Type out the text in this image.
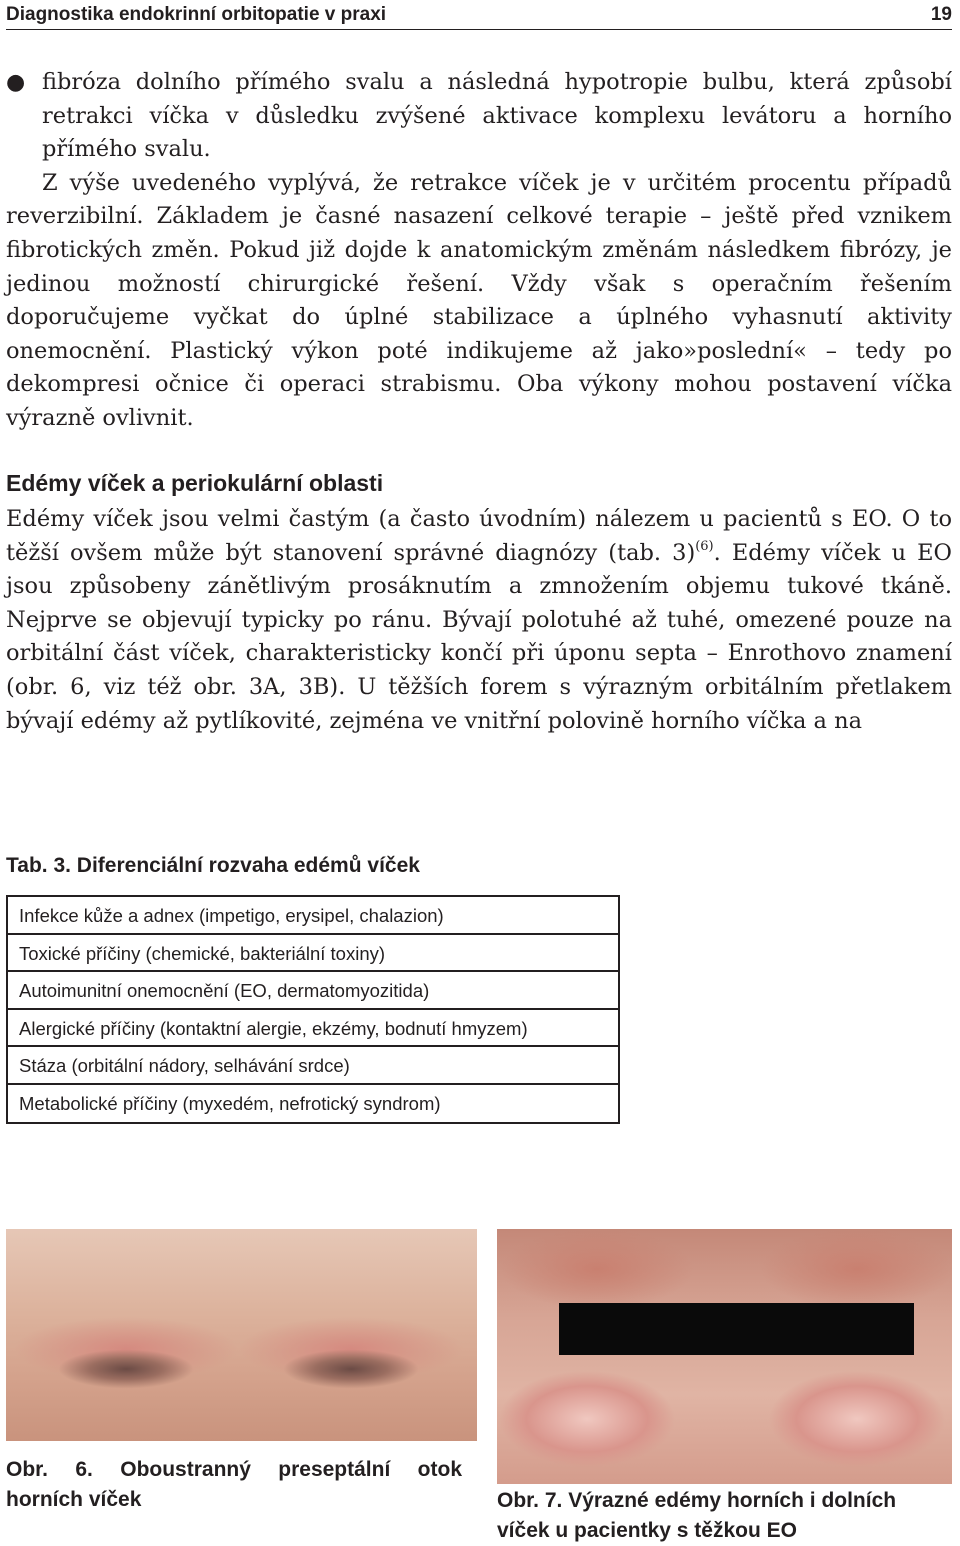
Diagnostika endokrinní orbitopatie v praxi	19
● fibróza dolního přímého svalu a následná hypotropie bulbu, která způsobí retrakci víčka v důsledku zvýšené aktivace komplexu levátoru a horního přímého svalu.
Z výše uvedeného vyplývá, že retrakce víček je v určitém procentu případů reverzibilní. Základem je časné nasazení celkové terapie – ještě před vznikem fibrotických změn. Pokud již dojde k anatomickým změnám následkem fibrózy, je jedinou možností chirurgické řešení. Vždy však s operačním řešením doporučujeme vyčkat do úplné stabilizace a úplného vyhasnutí aktivity onemocnění. Plastický výkon poté indikujeme až jako»poslední« – tedy po dekompresi očnice či operaci strabismu. Oba výkony mohou postavení víčka výrazně ovlivnit.
Edémy víček a periokulární oblasti
Edémy víček jsou velmi častým (a často úvodním) nálezem u pacientů s EO. O to těžší ovšem může být stanovení správné diagnózy (tab. 3)$^{(6)}$. Edémy víček u EO jsou způsobeny zánětlivým prosáknutím a zmnožením objemu tukové tkáně. Nejprve se objevují typicky po ránu. Bývají polotuhé až tuhé, omezené pouze na orbitální část víček, charakteristicky končí při úponu septa – Enrothovo znamení (obr. 6, viz též obr. 3A, 3B). U těžších forem s výrazným orbitálním přetlakem bývají edémy až pytlíkovité, zejména ve vnitřní polovině horního víčka a na
Tab. 3. Diferenciální rozvaha edémů víček
Infekce kůže a adnex (impetigo, erysipel, chalazion)
Toxické příčiny (chemické, bakteriální toxiny)
Autoimunitní onemocnění (EO, dermatomyozitida)
Alergické příčiny (kontaktní alergie, ekzémy, bodnutí hmyzem)
Stáza (orbitální nádory, selhávání srdce)
Metabolické příčiny (myxedém, nefrotický syndrom)
Obr. 6. Oboustranný preseptální otok
horních víček	Obr. 7. Výrazné edémy horních i dolních
víček u pacientky s těžkou EO
